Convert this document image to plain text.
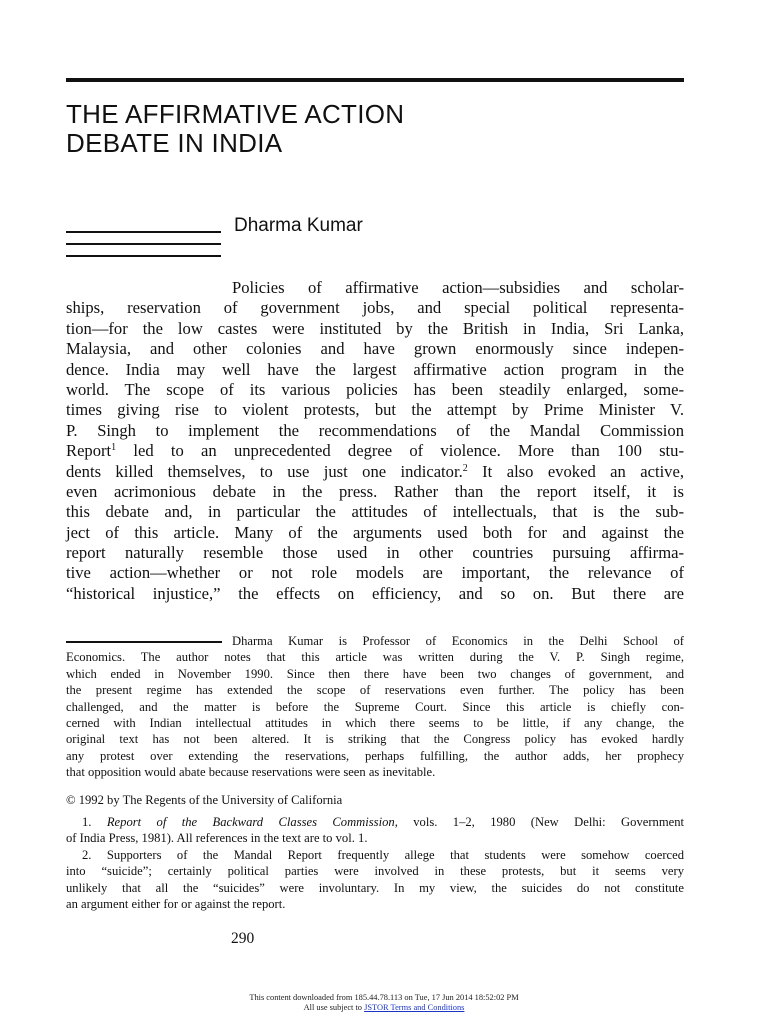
THE AFFIRMATIVE ACTION
DEBATE IN INDIA
Dharma Kumar
Policies of affirmative action—subsidies and scholar-
ships, reservation of government jobs, and special political representa-
tion—for the low castes were instituted by the British in India, Sri Lanka,
Malaysia, and other colonies and have grown enormously since indepen-
dence. India may well have the largest affirmative action program in the
world. The scope of its various policies has been steadily enlarged, some-
times giving rise to violent protests, but the attempt by Prime Minister V.
P. Singh to implement the recommendations of the Mandal Commission
Report$^1$ led to an unprecedented degree of violence. More than 100 stu-
dents killed themselves, to use just one indicator.$^2$ It also evoked an active,
even acrimonious debate in the press. Rather than the report itself, it is
this debate and, in particular the attitudes of intellectuals, that is the sub-
ject of this article. Many of the arguments used both for and against the
report naturally resemble those used in other countries pursuing affirma-
tive action—whether or not role models are important, the relevance of
“historical injustice,” the effects on efficiency, and so on. But there are
Dharma Kumar is Professor of Economics in the Delhi School of
Economics. The author notes that this article was written during the V. P. Singh regime,
which ended in November 1990. Since then there have been two changes of government, and
the present regime has extended the scope of reservations even further. The policy has been
challenged, and the matter is before the Supreme Court. Since this article is chiefly con-
cerned with Indian intellectual attitudes in which there seems to be little, if any change, the
original text has not been altered. It is striking that the Congress policy has evoked hardly
any protest over extending the reservations, perhaps fulfilling, the author adds, her prophecy
that opposition would abate because reservations were seen as inevitable.
© 1992 by The Regents of the University of California
1. Report of the Backward Classes Commission, vols. 1–2, 1980 (New Delhi: Government
of India Press, 1981). All references in the text are to vol. 1.
2. Supporters of the Mandal Report frequently allege that students were somehow coerced
into “suicide”; certainly political parties were involved in these protests, but it seems very
unlikely that all the “suicides” were involuntary. In my view, the suicides do not constitute
an argument either for or against the report.
290
This content downloaded from 185.44.78.113 on Tue, 17 Jun 2014 18:52:02 PM
All use subject to JSTOR Terms and Conditions
